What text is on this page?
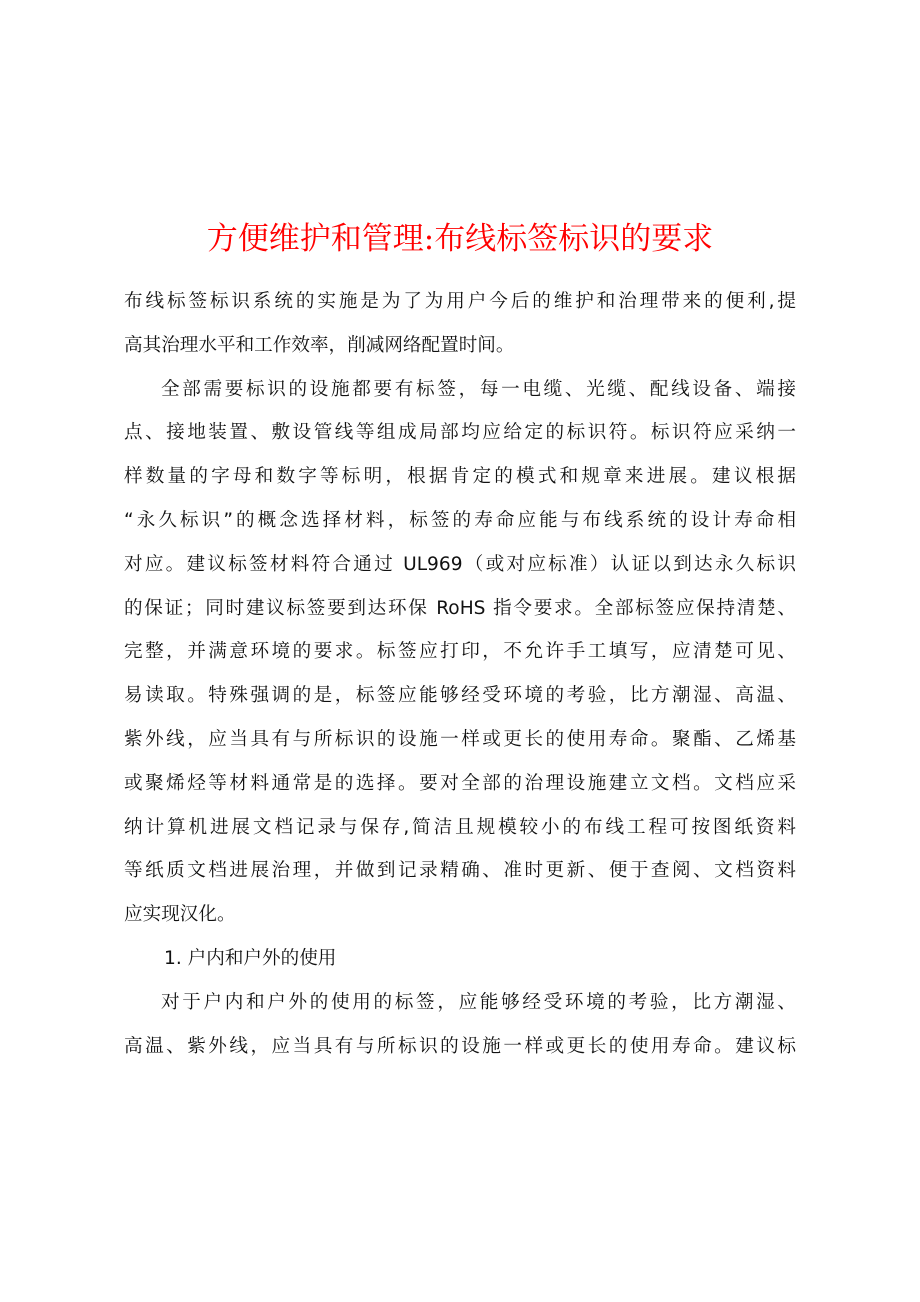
方便维护和管理:布线标签标识的要求
布线标签标识系统的实施是为了为用户今后的维护和治理带来的便利,提
高其治理水平和工作效率，削减网络配置时间。
全部需要标识的设施都要有标签，每一电缆、光缆、配线设备、端接
点、接地装置、敷设管线等组成局部均应给定的标识符。标识符应采纳一
样数量的字母和数字等标明，根据肯定的模式和规章来进展。建议根据
“永久标识”的概念选择材料，标签的寿命应能与布线系统的设计寿命相
对应。建议标签材料符合通过 UL969（或对应标准）认证以到达永久标识
的保证；同时建议标签要到达环保 RoHS 指令要求。全部标签应保持清楚、
完整，并满意环境的要求。标签应打印，不允许手工填写，应清楚可见、
易读取。特殊强调的是，标签应能够经受环境的考验，比方潮湿、高温、
紫外线，应当具有与所标识的设施一样或更长的使用寿命。聚酯、乙烯基
或聚烯烃等材料通常是的选择。要对全部的治理设施建立文档。文档应采
纳计算机进展文档记录与保存,简洁且规模较小的布线工程可按图纸资料
等纸质文档进展治理，并做到记录精确、准时更新、便于查阅、文档资料
应实现汉化。
1. 户内和户外的使用
对于户内和户外的使用的标签，应能够经受环境的考验，比方潮湿、
高温、紫外线，应当具有与所标识的设施一样或更长的使用寿命。建议标
